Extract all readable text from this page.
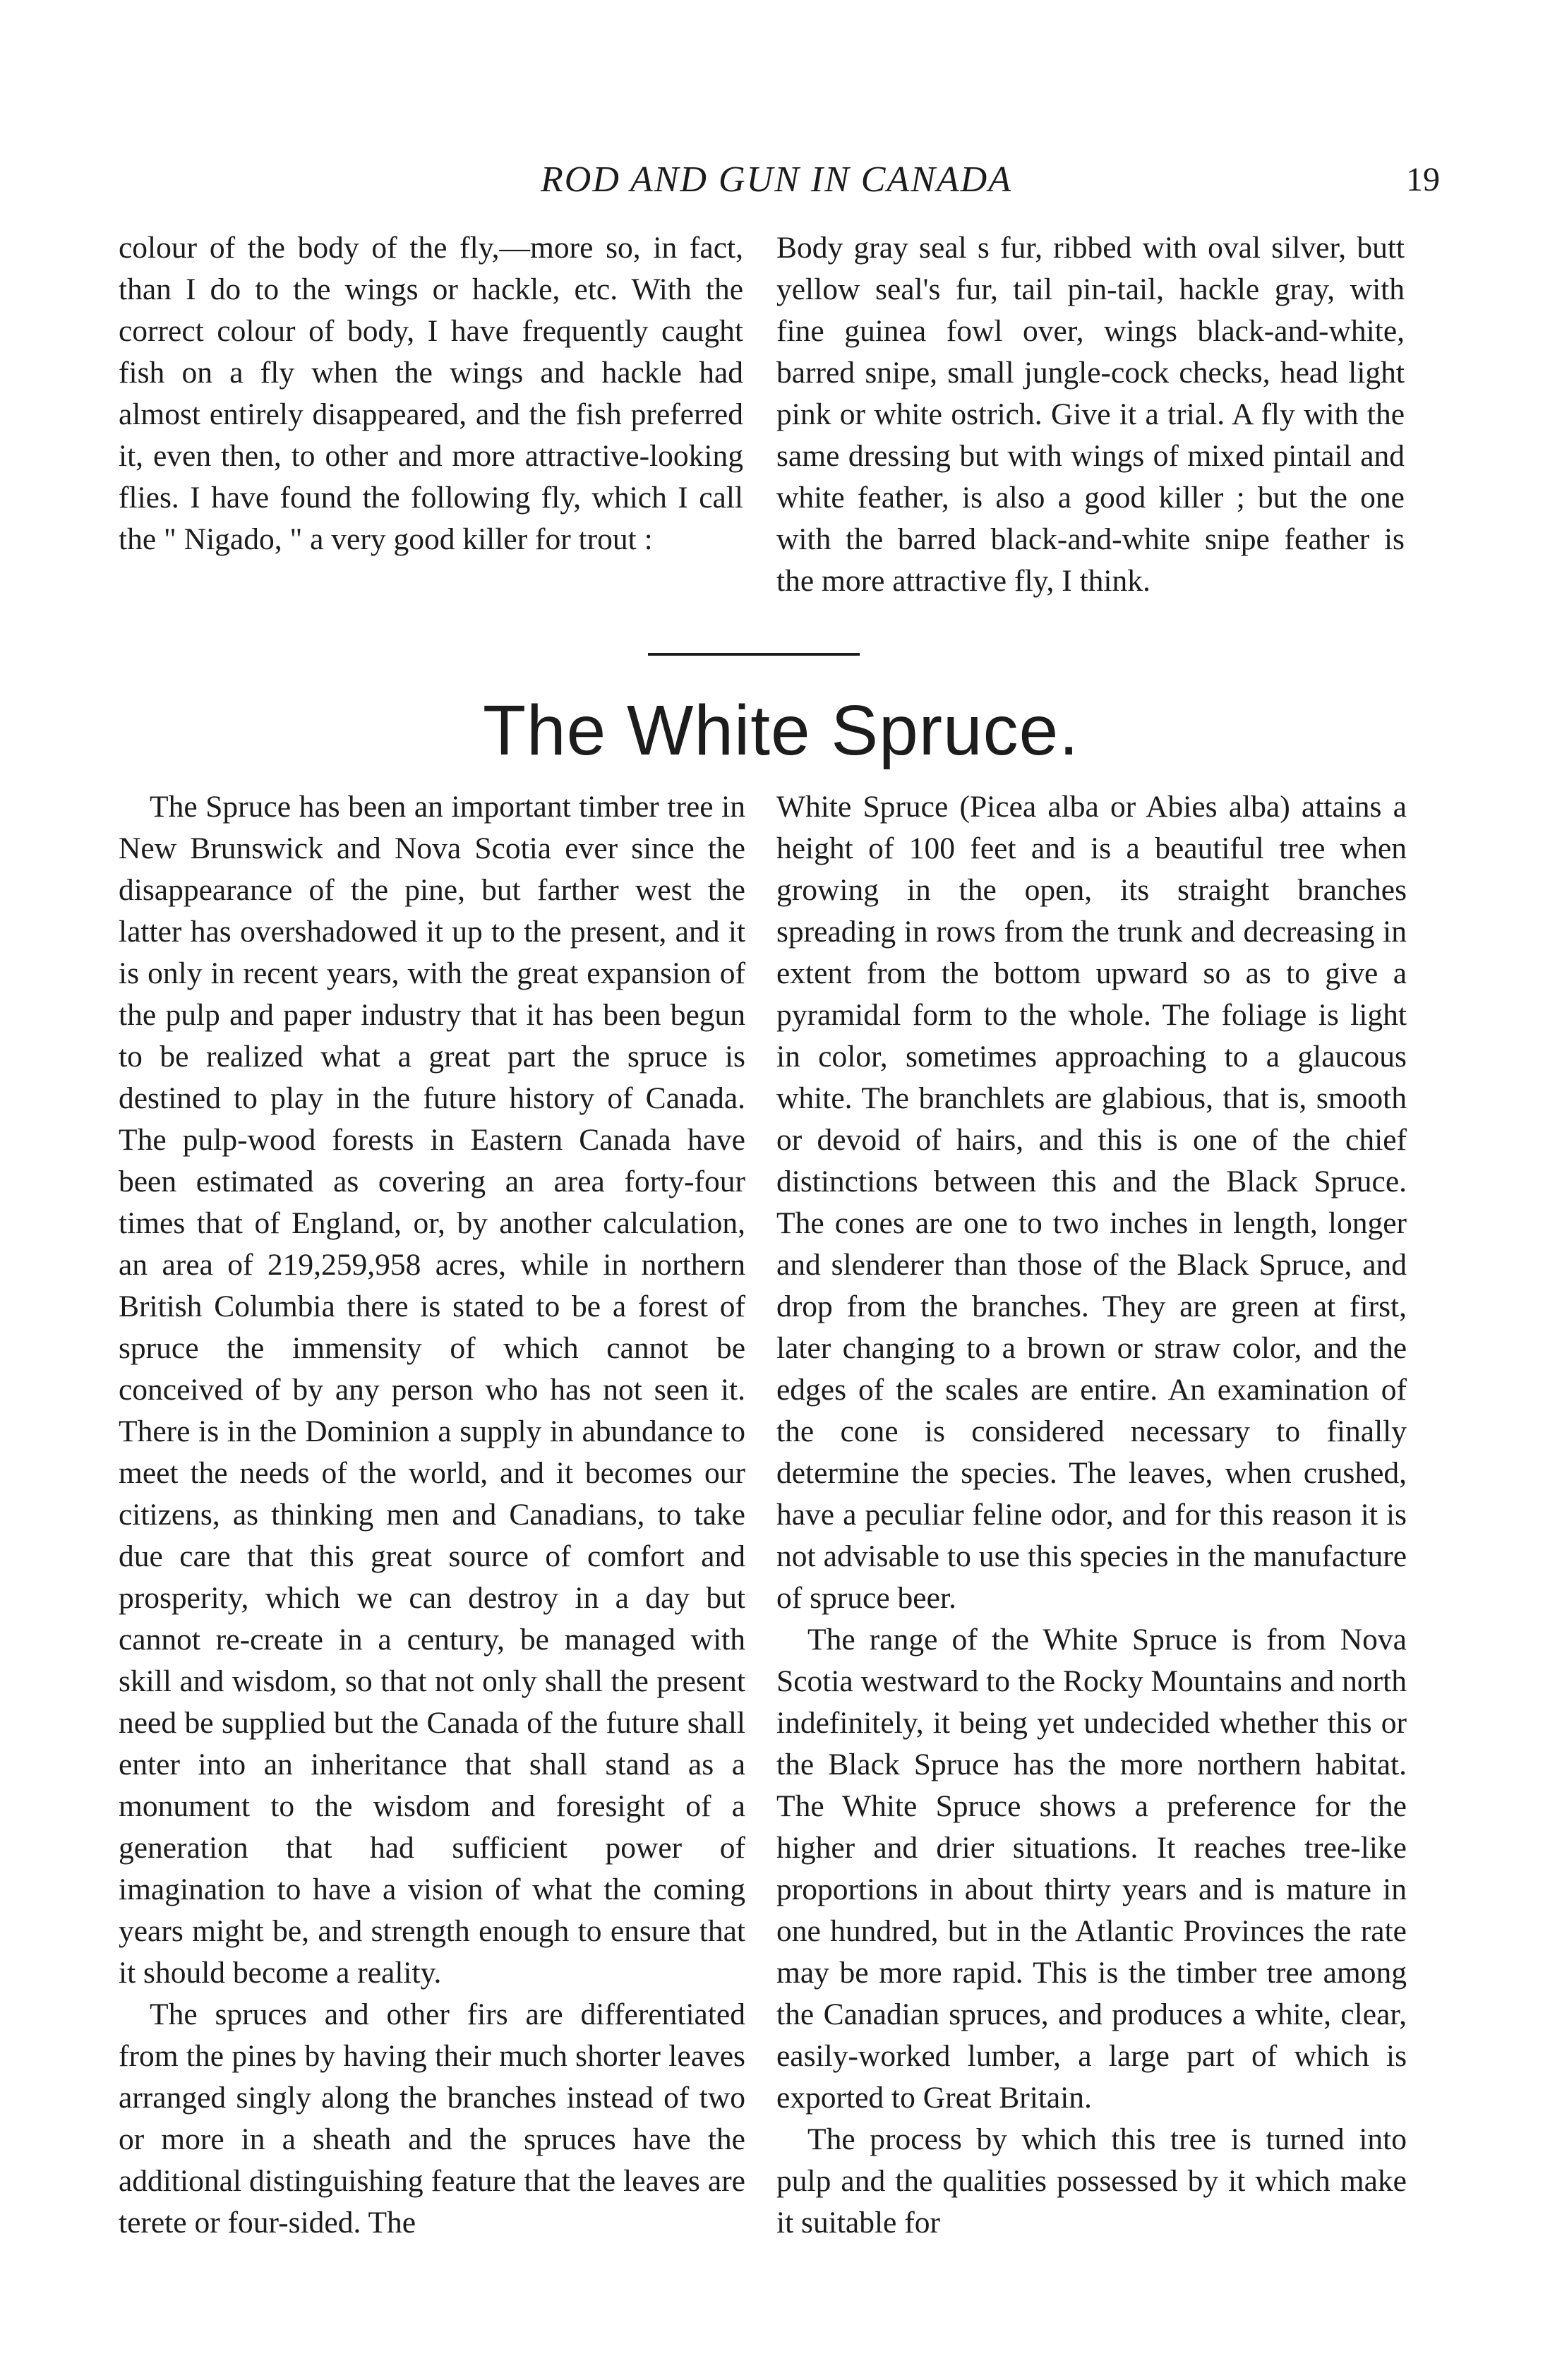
ROD AND GUN IN CANADA	19

colour of the body of the fly,—more so, in fact, than I do to the wings or hackle, etc. With the correct colour of body, I have frequently caught fish on a fly when the wings and hackle had almost entirely disappeared, and the fish preferred it, even then, to other and more attractive-looking flies. I have found the following fly, which I call the " Nigado, " a very good killer for trout :

Body gray seal s fur, ribbed with oval silver, butt yellow seal's fur, tail pin-tail, hackle gray, with fine guinea fowl over, wings black-and-white, barred snipe, small jungle-cock checks, head light pink or white ostrich. Give it a trial. A fly with the same dressing but with wings of mixed pintail and white feather, is also a good killer ; but the one with the barred black-and-white snipe feather is the more attractive fly, I think.

The White Spruce.

The Spruce has been an important timber tree in New Brunswick and Nova Scotia ever since the disappearance of the pine, but farther west the latter has overshadowed it up to the present, and it is only in recent years, with the great expansion of the pulp and paper industry that it has been begun to be realized what a great part the spruce is destined to play in the future history of Canada. The pulp-wood forests in Eastern Canada have been estimated as covering an area forty-four times that of England, or, by another calculation, an area of 219,259,958 acres, while in northern British Columbia there is stated to be a forest of spruce the immensity of which cannot be conceived of by any person who has not seen it. There is in the Dominion a supply in abundance to meet the needs of the world, and it becomes our citizens, as thinking men and Canadians, to take due care that this great source of comfort and prosperity, which we can destroy in a day but cannot re-create in a century, be managed with skill and wisdom, so that not only shall the present need be supplied but the Canada of the future shall enter into an inheritance that shall stand as a monument to the wisdom and foresight of a generation that had sufficient power of imagination to have a vision of what the coming years might be, and strength enough to ensure that it should become a reality.

The spruces and other firs are differentiated from the pines by having their much shorter leaves arranged singly along the branches instead of two or more in a sheath and the spruces have the additional distinguishing feature that the leaves are terete or four-sided. The

White Spruce (Picea alba or Abies alba) attains a height of 100 feet and is a beautiful tree when growing in the open, its straight branches spreading in rows from the trunk and decreasing in extent from the bottom upward so as to give a pyramidal form to the whole. The foliage is light in color, sometimes approaching to a glaucous white. The branchlets are glabious, that is, smooth or devoid of hairs, and this is one of the chief distinctions between this and the Black Spruce. The cones are one to two inches in length, longer and slenderer than those of the Black Spruce, and drop from the branches. They are green at first, later changing to a brown or straw color, and the edges of the scales are entire. An examination of the cone is considered necessary to finally determine the species. The leaves, when crushed, have a peculiar feline odor, and for this reason it is not advisable to use this species in the manufacture of spruce beer.

The range of the White Spruce is from Nova Scotia westward to the Rocky Mountains and north indefinitely, it being yet undecided whether this or the Black Spruce has the more northern habitat. The White Spruce shows a preference for the higher and drier situations. It reaches tree-like proportions in about thirty years and is mature in one hundred, but in the Atlantic Provinces the rate may be more rapid. This is the timber tree among the Canadian spruces, and produces a white, clear, easily-worked lumber, a large part of which is exported to Great Britain.

The process by which this tree is turned into pulp and the qualities possessed by it which make it suitable for
